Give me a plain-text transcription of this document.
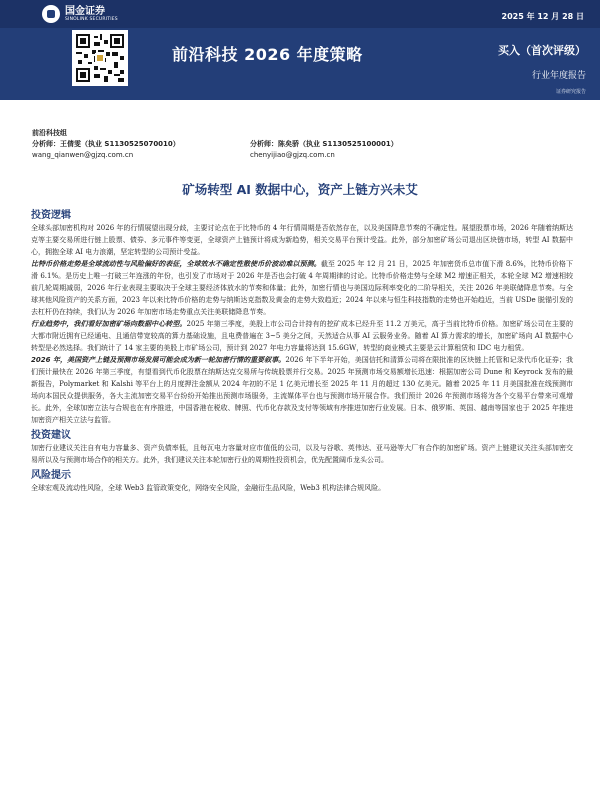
国金证券
SINOLINK SECURITIES	2025 年 12 月 28 日
前沿科技 2026 年度策略	买入（首次评级）
行业年度报告
证券研究报告
前沿科技组
分析师：王倩雯（执业 S1130525070010）
wang_qianwen@gjzq.com.cn
分析师：陈矣骄（执业 S1130525100001）
chenyijiao@gjzq.com.cn
矿场转型 AI 数据中心，资产上链方兴未艾
投资逻辑

全球头部加密机构对 2026 年的行情展望出现分歧，主要讨论点在于比特币的 4 年行情周期是否依然存在，以及美国降息节奏的不确定性。展望股票市场，2026 年随着纳斯达克等主要交易所进行链上股票、债券、多元事件等变更，全球资产上链预计将成为新趋势，相关交易平台预计受益。此外，部分加密矿场公司退出区块链市场，转型 AI 数据中心，拥抱全球 AI 电力浪潮，坚定转型的公司预计受益。

比特币价格走势是全球流动性与风险偏好的表征，全球效水不确定性散使币价波动难以预测。截至 2025 年 12 月 21 日，2025 年加密货币总市值下滑 8.6%，比特币价格下滑 6.1%。是历史上唯一打破三年连涨的年份，也引发了市场对于 2026 年是否也会打破 4 年周期律的讨论。比特币价格走势与全球 M2 增速正相关，本轮全球 M2 增速相较前几轮周期减弱，2026 年行业表现主要取决于全球主要经济体放水的节奏和体量；此外，加密行情也与美国边际利率变化的二阶导相关，关注 2026 年美联储降息节奏。与全球其他风险资产的关系方面，2023 年以来比特币价格的走势与纳斯达克指数及黄金的走势大致趋近；2024 年以来与恒生科技指数的走势也开始趋近，当前 USDe 脱锚引发的去杠杆仍在持续，我们认为 2026 年加密市场走势重点关注美联储降息节奏。

行业趋势中，我们看好加密矿场向数据中心转型。2025 年第三季度，美股上市公司合计持有的挖矿成本已经升至 11.2 万美元，高于当前比特币价格。加密矿场公司在主要的大都市附近拥有已经通电、且通信带宽较高的算力基础设施，且电费普遍在 3~5 美分之间，天然适合从事 AI 云服务业务。随着 AI 算力需求的增长，加密矿场向 AI 数据中心转型是必然选择。我们统计了 14 家主要的美股上市矿场公司，预计到 2027 年电力容量将达到 15.6GW，转型的商业模式主要是云计算租赁和 IDC 电力租赁。

2026 年，美国资产上链及预测市场发展可能会成为新一轮加密行情的重要叙事。2026 年下半年开始，美国信托和清算公司将在限批准的区块链上托管和记录代币化证券；我们预计最快在 2026 年第三季度，有望看到代币化股票在纳斯达克交易所与传统股票并行交易。2025 年预测市场交易额增长迅速：根据加密公司 Dune 和 Keyrock 发布的最新报告，Polymarket 和 Kalshi 等平台上的月度押注金额从 2024 年初的不足 1 亿美元增长至 2025 年 11 月的超过 130 亿美元。随着 2025 年 11 月美国批准在线预测市场向本国民众提供服务，各大主流加密交易平台纷纷开始推出预测市场服务，主流媒体平台也与预测市场开展合作。我们预计 2026 年预测市场将为各个交易平台带来可观增长。此外，全球加密立法与合规也在有序推进，中国香港在税收、牌照、代币化存款及支付等领域有序推进加密行业发展。日本、俄罗斯、英国、越南等国家也于 2025 年推进加密资产相关立法与监管。

投资建议

加密行业建议关注自有电力容量多、资产负债率低，且每瓦电力容量对应市值低的公司，以及与谷歌、英伟达、亚马逊等大厂有合作的加密矿场。资产上链建议关注头部加密交易所以及与预测市场合作的相关方。此外，我们建议关注本轮加密行业的周期性投资机会，优先配置阔币龙头公司。

风险提示

全球宏观及流动性风险，全球 Web3 监管政策变化，网络安全风险，金融衍生品风险，Web3 机构法律合规风险。
